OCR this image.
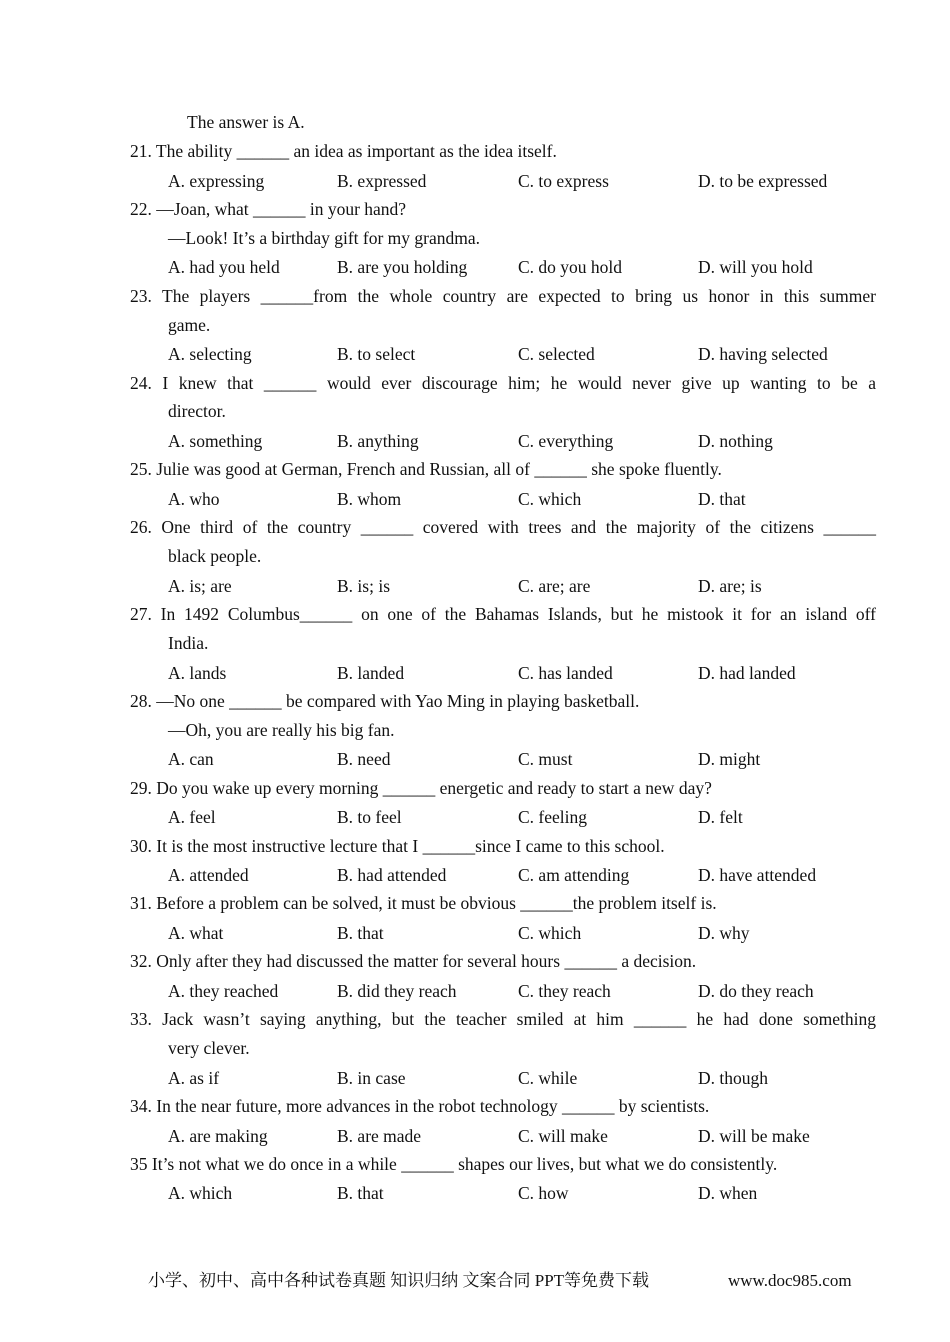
The answer is A.
21. The ability ______ an idea as important as the idea itself.
A. expressing	B. expressed	C. to express	D. to be expressed
22. —Joan, what ______ in your hand?
—Look! It’s a birthday gift for my grandma.
A. had you held	B. are you holding	C. do you hold	D. will you hold
23. The players ______from the whole country are expected to bring us honor in this summer
game.
A. selecting	B. to select	C. selected	D. having selected
24. I knew that ______ would ever discourage him; he would never give up wanting to be a
director.
A. something	B. anything	C. everything	D. nothing
25. Julie was good at German, French and Russian, all of ______ she spoke fluently.
A. who	B. whom	C. which	D. that
26. One third of the country ______ covered with trees and the majority of the citizens ______
black people.
A. is; are	B. is; is	C. are; are	D. are; is
27. In 1492 Columbus______ on one of the Bahamas Islands, but he mistook it for an island off
India.
A. lands	B. landed	C. has landed	D. had landed
28. —No one ______ be compared with Yao Ming in playing basketball.
—Oh, you are really his big fan.
A. can	B. need	C. must	D. might
29. Do you wake up every morning ______ energetic and ready to start a new day?
A. feel	B. to feel	C. feeling	D. felt
30. It is the most instructive lecture that I ______since I came to this school.
A. attended	B. had attended	C. am attending	D. have attended
31. Before a problem can be solved, it must be obvious ______the problem itself is.
A. what	B. that	C. which	D. why
32. Only after they had discussed the matter for several hours ______ a decision.
A. they reached	B. did they reach	C. they reach	D. do they reach
33. Jack wasn’t saying anything, but the teacher smiled at him ______ he had done something
very clever.
A. as if	B. in case	C. while	D. though
34. In the near future, more advances in the robot technology ______ by scientists.
A. are making	B. are made	C. will make	D. will be make
35 It’s not what we do once in a while ______ shapes our lives, but what we do consistently.
A. which	B. that	C. how	D. when
小学、初中、高中各种试卷真题 知识归纳 文案合同 PPT等免费下载	www.doc985.com
